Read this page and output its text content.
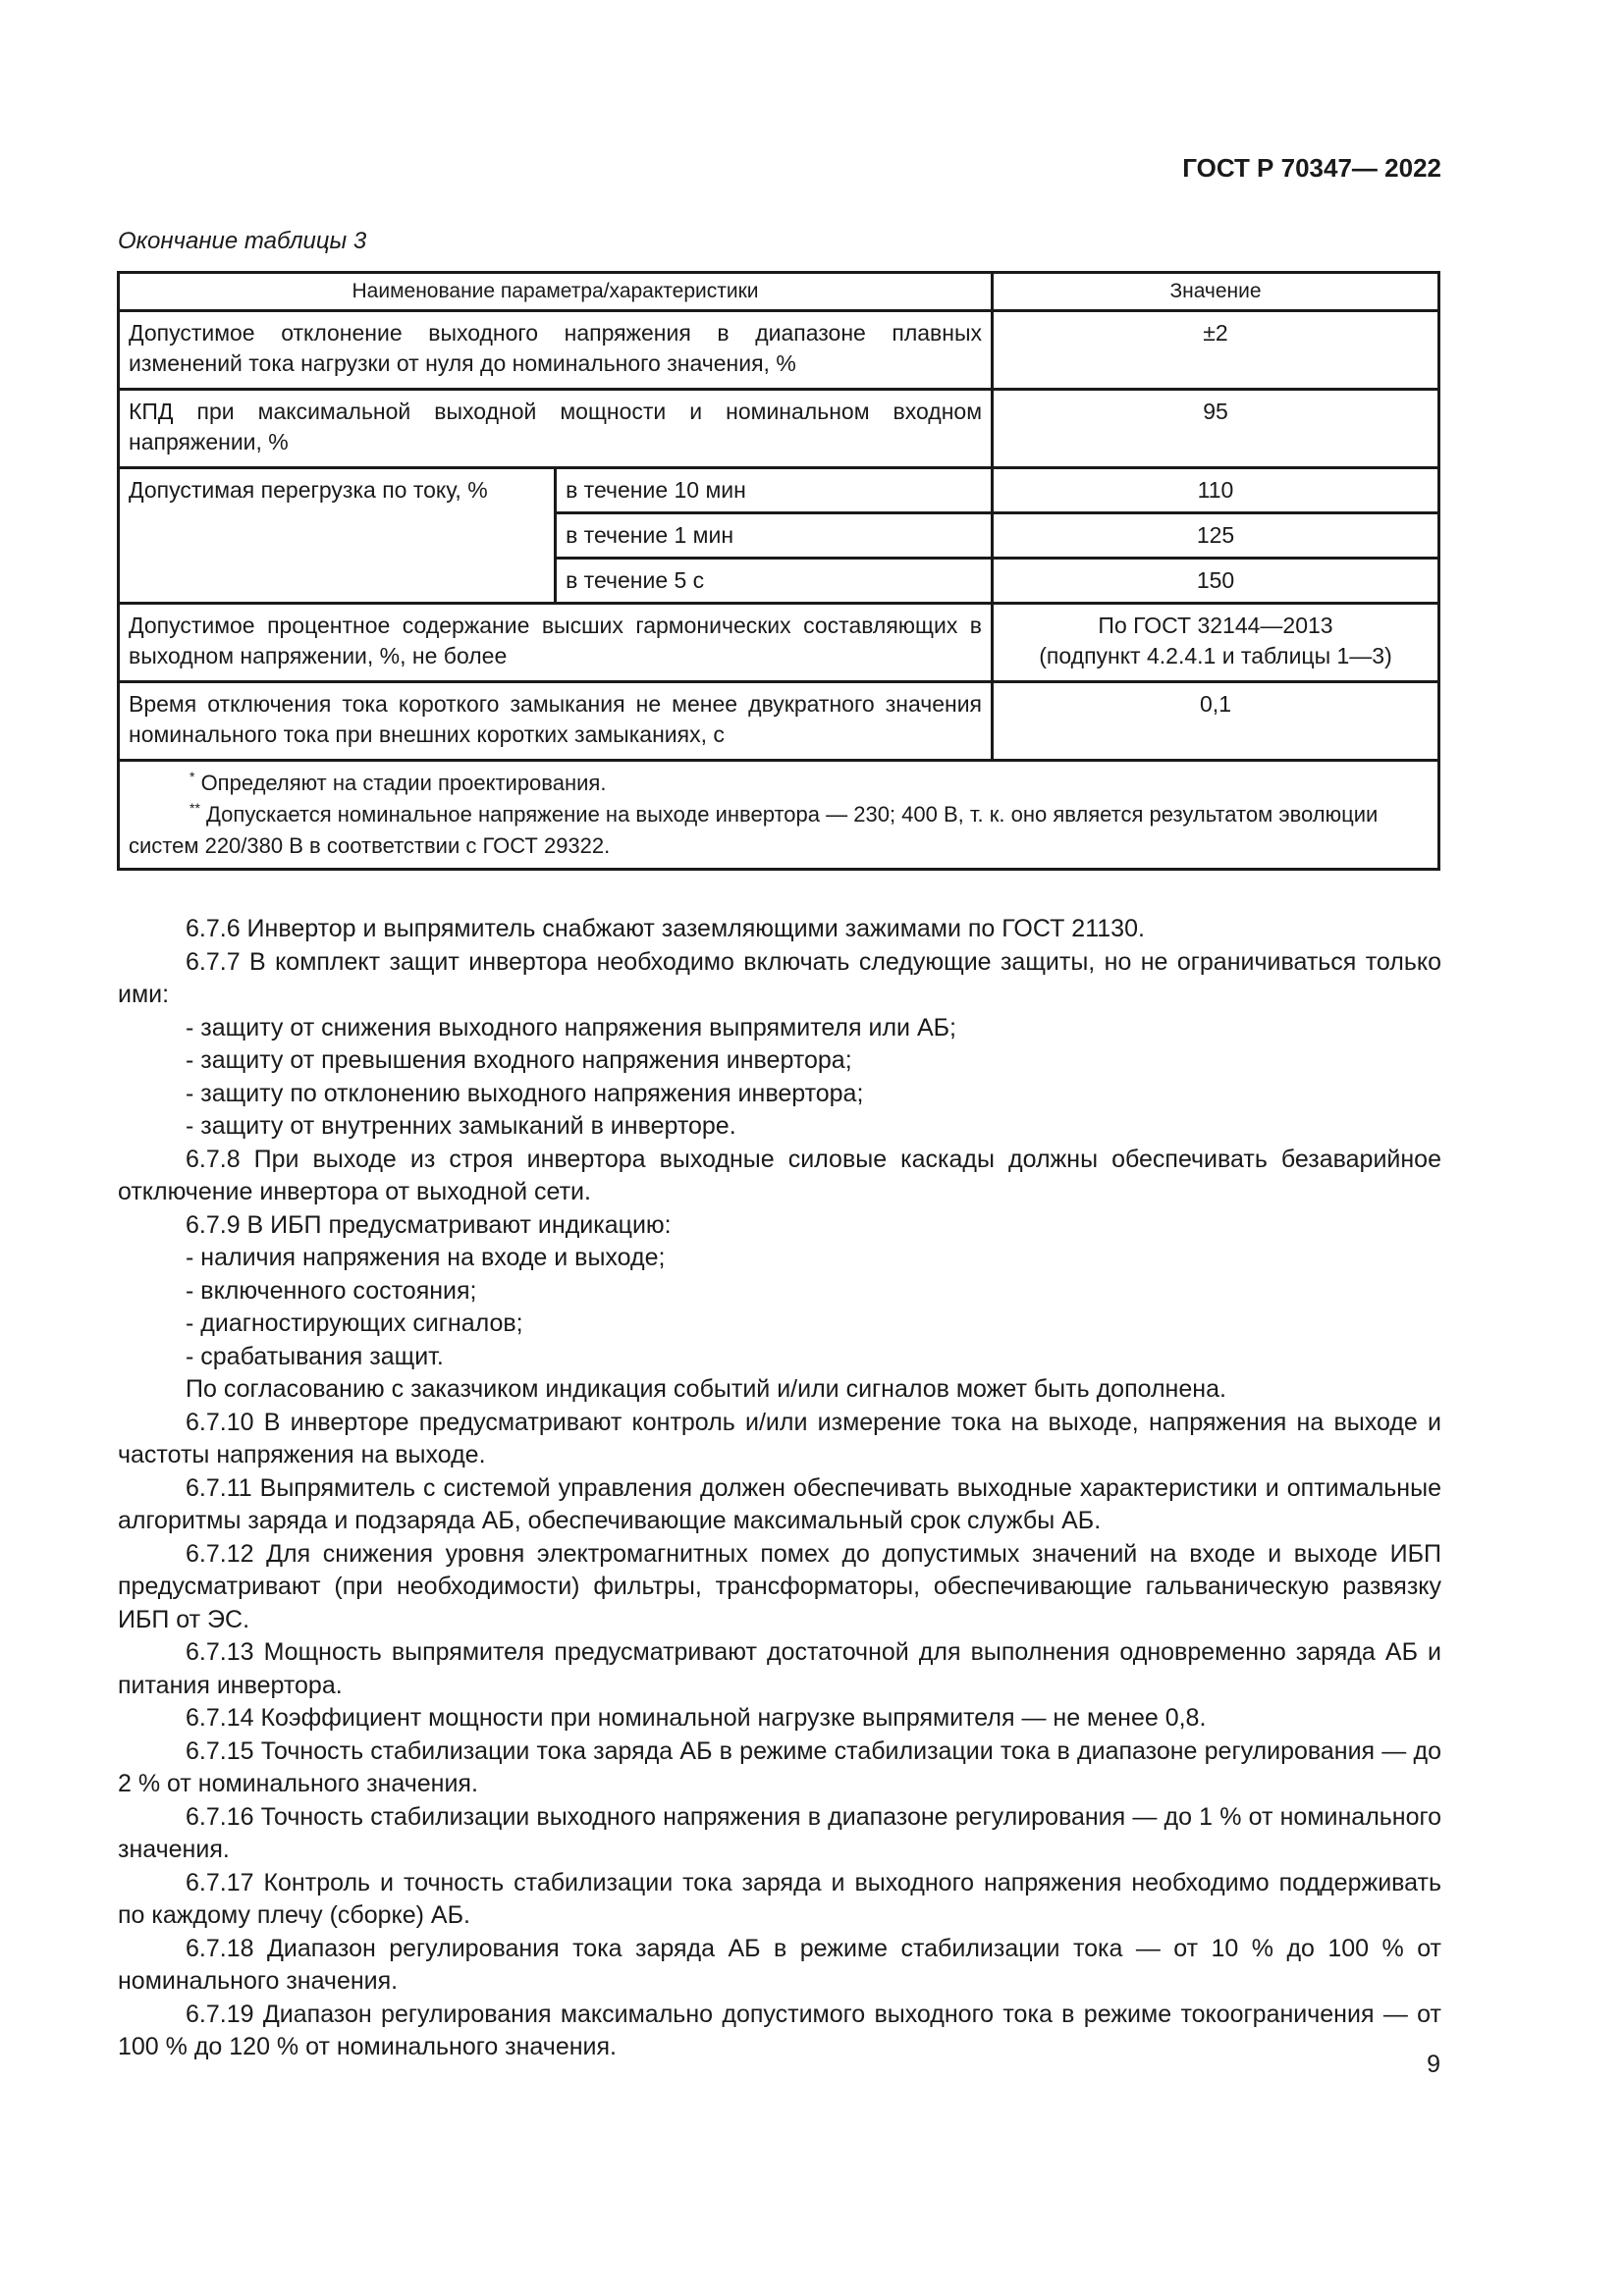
ГОСТ Р 70347— 2022
Окончание таблицы 3
Наименование параметра/характеристики		Значение
Допустимое отклонение выходного напряжения в диапазоне плавных изменений тока нагрузки от нуля до номинального значения, %		±2
КПД при максимальной выходной мощности и номинальном входном напряжении, %		95
Допустимая перегрузка по току, %	в течение 10 мин	110
	в течение 1 мин	125
	в течение 5 с	150
Допустимое процентное содержание высших гармонических составляющих в выходном напряжении, %, не более		По ГОСТ 32144—2013
(подпункт 4.2.4.1 и таблицы 1—3)

Время отключения тока короткого замыкания не менее двукратного значения номинального тока при внешних коротких замыканиях, с		0,1

* Определяют на стадии проектирования.
** Допускается номинальное напряжение на выходе инвертора — 230; 400 В, т. к. оно является результатом эволюции систем 220/380 В в соответствии с ГОСТ 29322.		

6.7.6 Инвертор и выпрямитель снабжают заземляющими зажимами по ГОСТ 21130.

6.7.7 В комплект защит инвертора необходимо включать следующие защиты, но не ограничиваться только ими:

- защиту от снижения выходного напряжения выпрямителя или АБ;

- защиту от превышения входного напряжения инвертора;

- защиту по отклонению выходного напряжения инвертора;

- защиту от внутренних замыканий в инверторе.

6.7.8 При выходе из строя инвертора выходные силовые каскады должны обеспечивать безаварийное отключение инвертора от выходной сети.

6.7.9 В ИБП предусматривают индикацию:

- наличия напряжения на входе и выходе;

- включенного состояния;

- диагностирующих сигналов;

- срабатывания защит.

По согласованию с заказчиком индикация событий и/или сигналов может быть дополнена.

6.7.10 В инверторе предусматривают контроль и/или измерение тока на выходе, напряжения на выходе и частоты напряжения на выходе.

6.7.11 Выпрямитель с системой управления должен обеспечивать выходные характеристики и оптимальные алгоритмы заряда и подзаряда АБ, обеспечивающие максимальный срок службы АБ.

6.7.12 Для снижения уровня электромагнитных помех до допустимых значений на входе и выходе ИБП предусматривают (при необходимости) фильтры, трансформаторы, обеспечивающие гальваническую развязку ИБП от ЭС.

6.7.13 Мощность выпрямителя предусматривают достаточной для выполнения одновременно заряда АБ и питания инвертора.

6.7.14 Коэффициент мощности при номинальной нагрузке выпрямителя — не менее 0,8.

6.7.15 Точность стабилизации тока заряда АБ в режиме стабилизации тока в диапазоне регулирования — до 2 % от номинального значения.

6.7.16 Точность стабилизации выходного напряжения в диапазоне регулирования — до 1 % от номинального значения.

6.7.17 Контроль и точность стабилизации тока заряда и выходного напряжения необходимо поддерживать по каждому плечу (сборке) АБ.

6.7.18 Диапазон регулирования тока заряда АБ в режиме стабилизации тока — от 10 % до 100 % от номинального значения.

6.7.19 Диапазон регулирования максимально допустимого выходного тока в режиме токоограничения — от 100 % до 120 % от номинального значения.

9
